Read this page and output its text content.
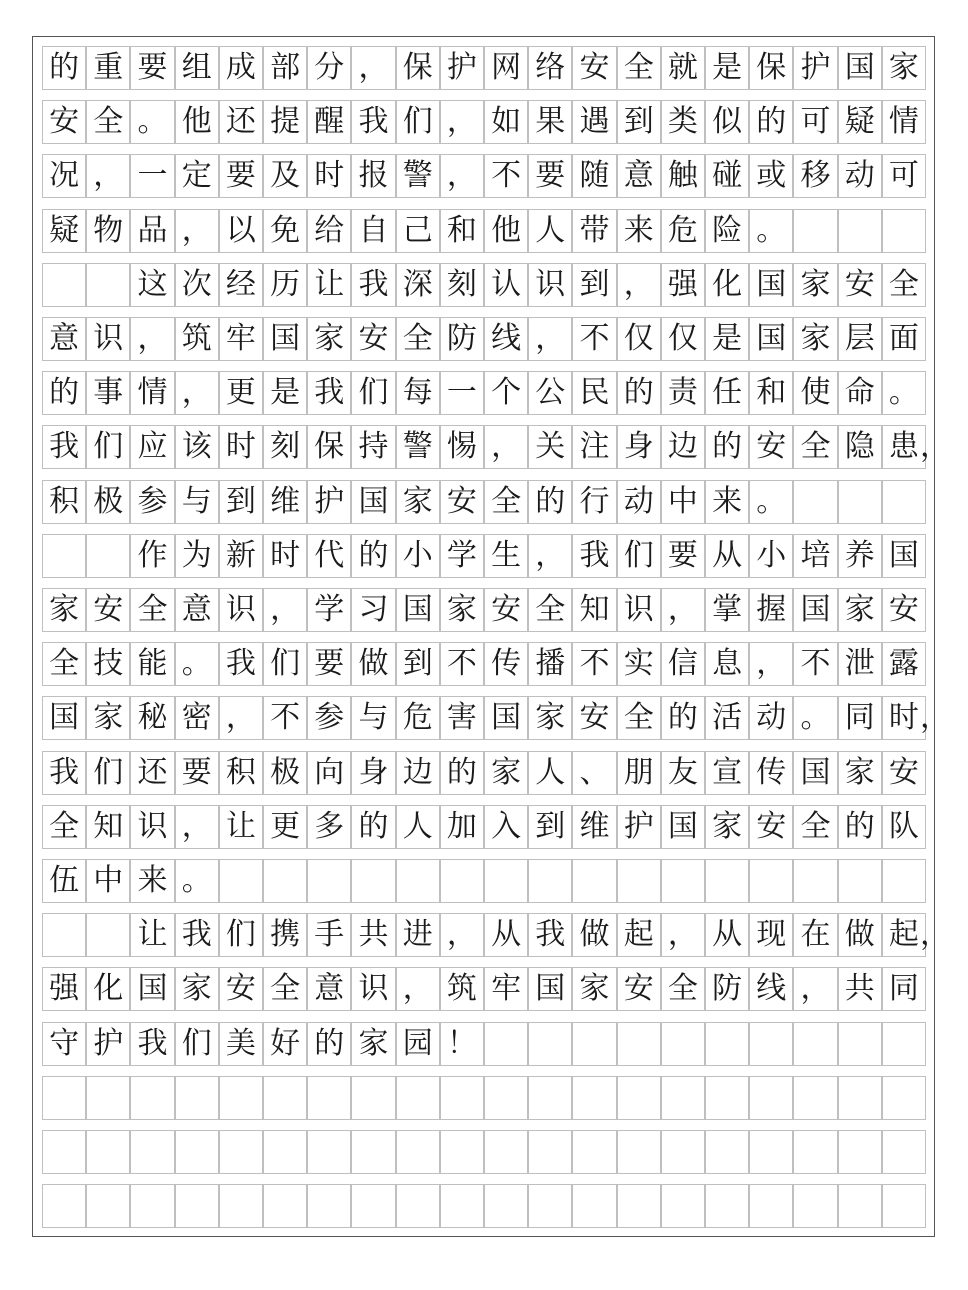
的 重 要 组 成 部 分 ， 保 护 网 络 安 全 就 是 保 护 国 家
安 全 。 他 还 提 醒 我 们 ， 如 果 遇 到 类 似 的 可 疑 情
况 ， 一 定 要 及 时 报 警 ， 不 要 随 意 触 碰 或 移 动 可
疑 物 品 ， 以 免 给 自 己 和 他 人 带 来 危 险 。
这 次 经 历 让 我 深 刻 认 识 到 ， 强 化 国 家 安 全
意 识 ， 筑 牢 国 家 安 全 防 线 ， 不 仅 仅 是 国 家 层 面
的 事 情 ， 更 是 我 们 每 一 个 公 民 的 责 任 和 使 命 。
我 们 应 该 时 刻 保 持 警 惕 ， 关 注 身 边 的 安 全 隐 患 ，
积 极 参 与 到 维 护 国 家 安 全 的 行 动 中 来 。
作 为 新 时 代 的 小 学 生 ， 我 们 要 从 小 培 养 国
家 安 全 意 识 ， 学 习 国 家 安 全 知 识 ， 掌 握 国 家 安
全 技 能 。 我 们 要 做 到 不 传 播 不 实 信 息 ， 不 泄 露
国 家 秘 密 ， 不 参 与 危 害 国 家 安 全 的 活 动 。 同 时 ，
我 们 还 要 积 极 向 身 边 的 家 人 、 朋 友 宣 传 国 家 安
全 知 识 ， 让 更 多 的 人 加 入 到 维 护 国 家 安 全 的 队
伍 中 来 。
让 我 们 携 手 共 进 ， 从 我 做 起 ， 从 现 在 做 起 ，
强 化 国 家 安 全 意 识 ， 筑 牢 国 家 安 全 防 线 ， 共 同
守 护 我 们 美 好 的 家 园 ！
